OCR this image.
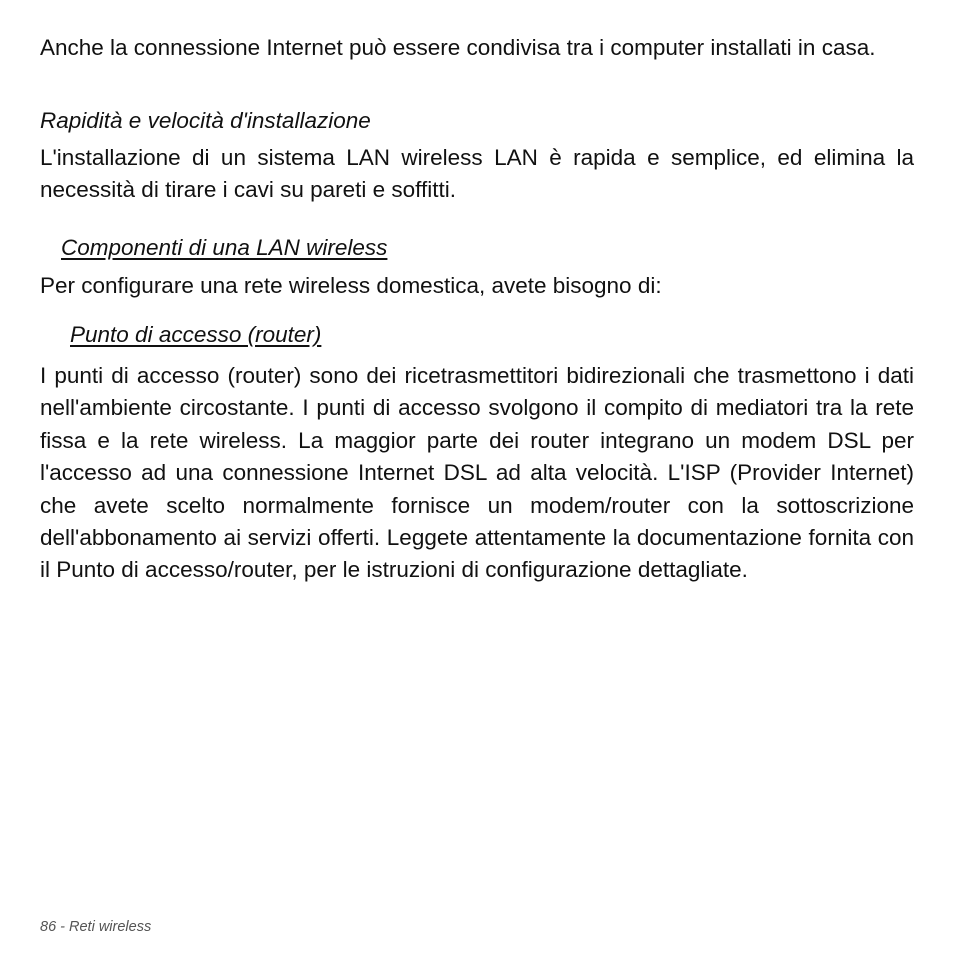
Anche la connessione Internet può essere condivisa tra i computer installati in casa.

Rapidità e velocità d'installazione

L'installazione di un sistema LAN wireless LAN è rapida e semplice, ed elimina la necessità di tirare i cavi su pareti e soffitti.

Componenti di una LAN wireless

Per configurare una rete wireless domestica, avete bisogno di:

Punto di accesso (router)

I punti di accesso (router) sono dei ricetrasmettitori bidirezionali che trasmettono i dati nell'ambiente circostante. I punti di accesso svolgono il compito di mediatori tra la rete fissa e la rete wireless. La maggior parte dei router integrano un modem DSL per l'accesso ad una connessione Internet DSL ad alta velocità. L'ISP (Provider Internet) che avete scelto normalmente fornisce un modem/router con la sottoscrizione dell'abbonamento ai servizi offerti. Leggete attentamente la documentazione fornita con il Punto di accesso/router, per le istruzioni di configurazione dettagliate.

86 - Reti wireless
